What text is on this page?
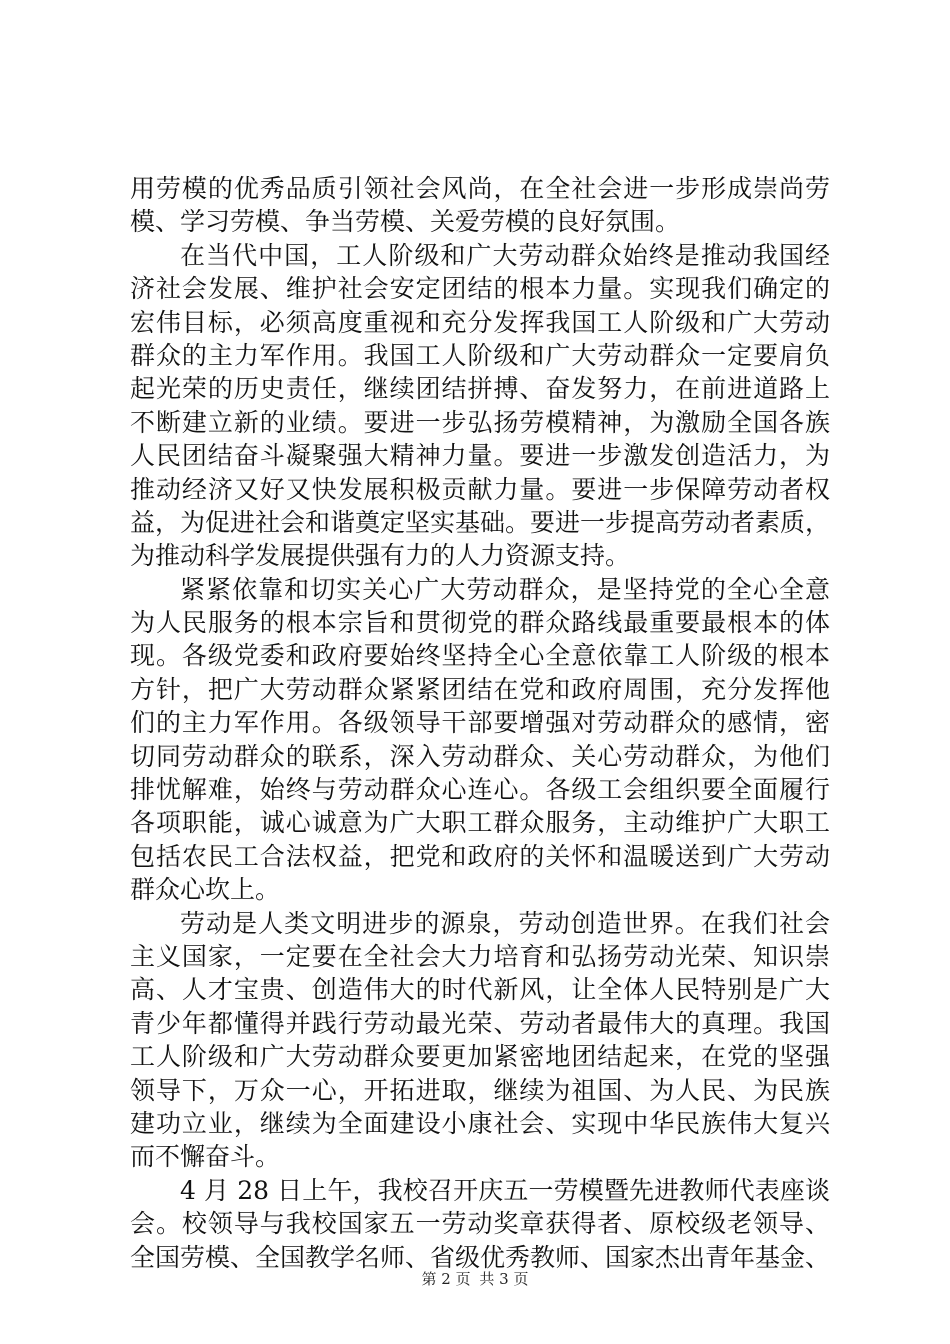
用劳模的优秀品质引领社会风尚，在全社会进一步形成崇尚劳
模、学习劳模、争当劳模、关爱劳模的良好氛围。
在当代中国，工人阶级和广大劳动群众始终是推动我国经
济社会发展、维护社会安定团结的根本力量。实现我们确定的
宏伟目标，必须高度重视和充分发挥我国工人阶级和广大劳动
群众的主力军作用。我国工人阶级和广大劳动群众一定要肩负
起光荣的历史责任，继续团结拼搏、奋发努力，在前进道路上
不断建立新的业绩。要进一步弘扬劳模精神，为激励全国各族
人民团结奋斗凝聚强大精神力量。要进一步激发创造活力，为
推动经济又好又快发展积极贡献力量。要进一步保障劳动者权
益，为促进社会和谐奠定坚实基础。要进一步提高劳动者素质，
为推动科学发展提供强有力的人力资源支持。
紧紧依靠和切实关心广大劳动群众，是坚持党的全心全意
为人民服务的根本宗旨和贯彻党的群众路线最重要最根本的体
现。各级党委和政府要始终坚持全心全意依靠工人阶级的根本
方针，把广大劳动群众紧紧团结在党和政府周围，充分发挥他
们的主力军作用。各级领导干部要增强对劳动群众的感情，密
切同劳动群众的联系，深入劳动群众、关心劳动群众，为他们
排忧解难，始终与劳动群众心连心。各级工会组织要全面履行
各项职能，诚心诚意为广大职工群众服务，主动维护广大职工
包括农民工合法权益，把党和政府的关怀和温暖送到广大劳动
群众心坎上。
劳动是人类文明进步的源泉，劳动创造世界。在我们社会
主义国家，一定要在全社会大力培育和弘扬劳动光荣、知识崇
高、人才宝贵、创造伟大的时代新风，让全体人民特别是广大
青少年都懂得并践行劳动最光荣、劳动者最伟大的真理。我国
工人阶级和广大劳动群众要更加紧密地团结起来，在党的坚强
领导下，万众一心，开拓进取，继续为祖国、为人民、为民族
建功立业，继续为全面建设小康社会、实现中华民族伟大复兴
而不懈奋斗。
4 月 28 日上午，我校召开庆五一劳模暨先进教师代表座谈
会。校领导与我校国家五一劳动奖章获得者、原校级老领导、
全国劳模、全国教学名师、省级优秀教师、国家杰出青年基金、
第 2 页 共 3 页
